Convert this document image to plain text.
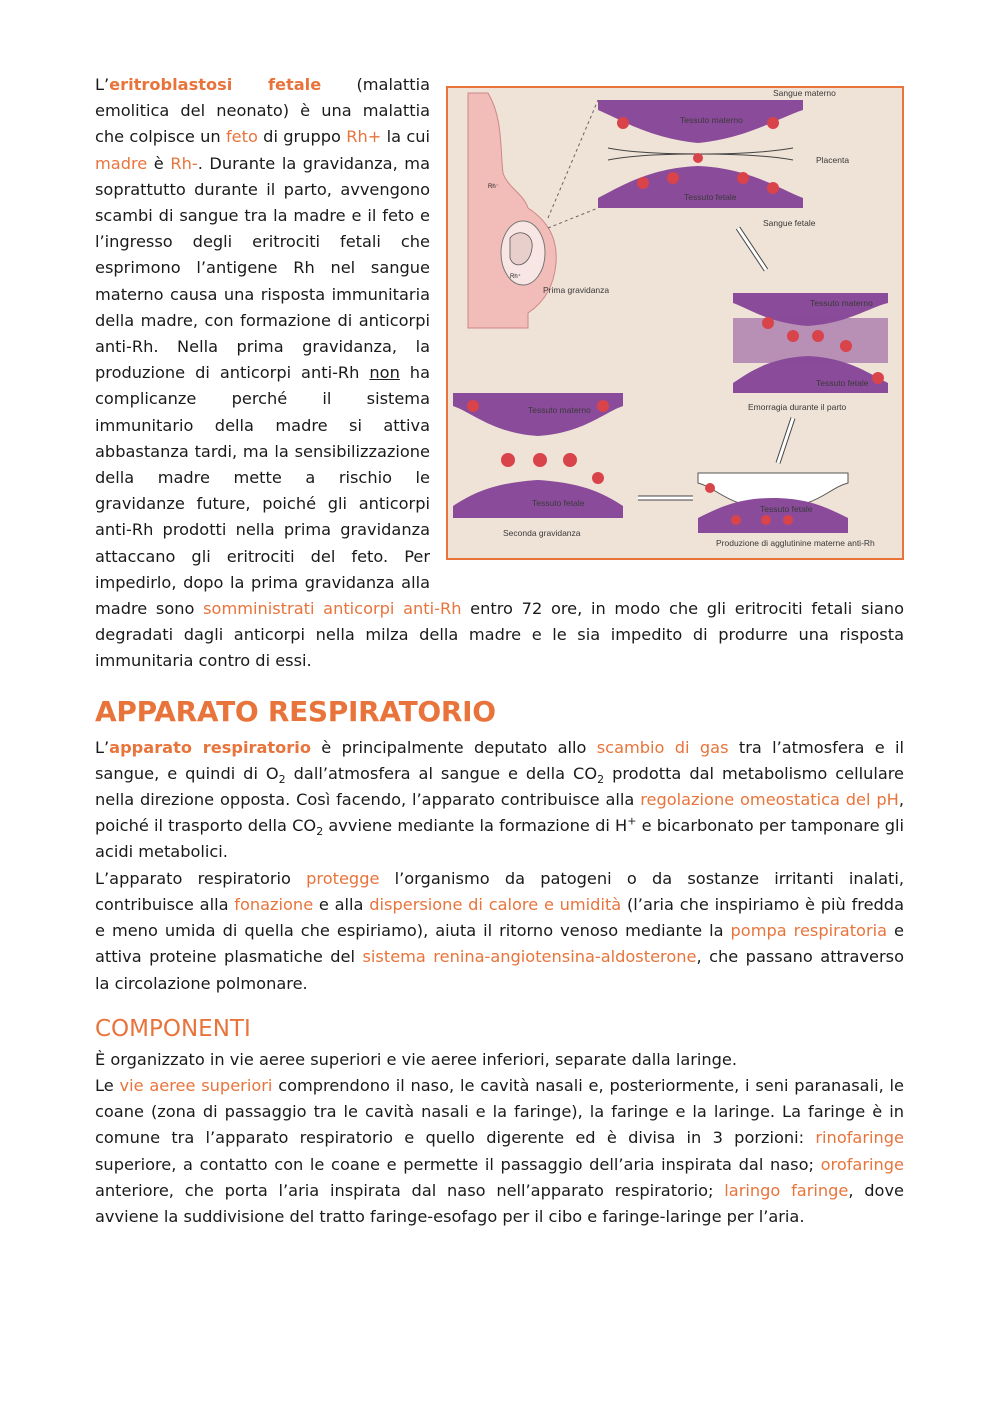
Rh⁻
Rh⁺
Tessuto materno
Tessuto fetale
Sangue materno
Placenta
Sangue fetale
Prima gravidanza
Tessuto materno
Tessuto fetale
Emorragia durante il parto
Tessuto fetale
Produzione di agglutinine materne anti-Rh
Tessuto materno
Tessuto fetale
Seconda gravidanza

L’eritroblastosi fetale (malattia emolitica del neonato) è una malattia che colpisce un feto di gruppo Rh+ la cui madre è Rh-. Durante la gravidanza, ma soprattutto durante il parto, avvengono scambi di sangue tra la madre e il feto e l’ingresso degli eritrociti fetali che esprimono l’antigene Rh nel sangue materno causa una risposta immunitaria della madre, con formazione di anticorpi anti-Rh. Nella prima gravidanza, la produzione di anticorpi anti-Rh non ha complicanze perché il sistema immunitario della madre si attiva abbastanza tardi, ma la sensibilizzazione della madre mette a rischio le gravidanze future, poiché gli anticorpi anti-Rh prodotti nella prima gravidanza attaccano gli eritrociti del feto. Per impedirlo, dopo la prima gravidanza alla madre sono somministrati anticorpi anti-Rh entro 72 ore, in modo che gli eritrociti fetali siano degradati dagli anticorpi nella milza della madre e le sia impedito di produrre una risposta immunitaria contro di essi.

APPARATO RESPIRATORIO

L’apparato respiratorio è principalmente deputato allo scambio di gas tra l’atmosfera e il sangue, e quindi di $O_2$ dall’atmosfera al sangue e della $CO_2$ prodotta dal metabolismo cellulare nella direzione opposta. Così facendo, l’apparato contribuisce alla regolazione omeostatica del pH, poiché il trasporto della $CO_2$ avviene mediante la formazione di H+ e bicarbonato per tamponare gli acidi metabolici.

L’apparato respiratorio protegge l’organismo da patogeni o da sostanze irritanti inalati, contribuisce alla fonazione e alla dispersione di calore e umidità (l’aria che inspiriamo è più fredda e meno umida di quella che espiriamo), aiuta il ritorno venoso mediante la pompa respiratoria e attiva proteine plasmatiche del sistema renina-angiotensina-aldosterone, che passano attraverso la circolazione polmonare.

COMPONENTI

È organizzato in vie aeree superiori e vie aeree inferiori, separate dalla laringe.

Le vie aeree superiori comprendono il naso, le cavità nasali e, posteriormente, i seni paranasali, le coane (zona di passaggio tra le cavità nasali e la faringe), la faringe e la laringe. La faringe è in comune tra l’apparato respiratorio e quello digerente ed è divisa in 3 porzioni: rinofaringe superiore, a contatto con le coane e permette il passaggio dell’aria inspirata dal naso; orofaringe anteriore, che porta l’aria inspirata dal naso nell’apparato respiratorio; laringo faringe, dove avviene la suddivisione del tratto faringe-esofago per il cibo e faringe-laringe per l’aria.
